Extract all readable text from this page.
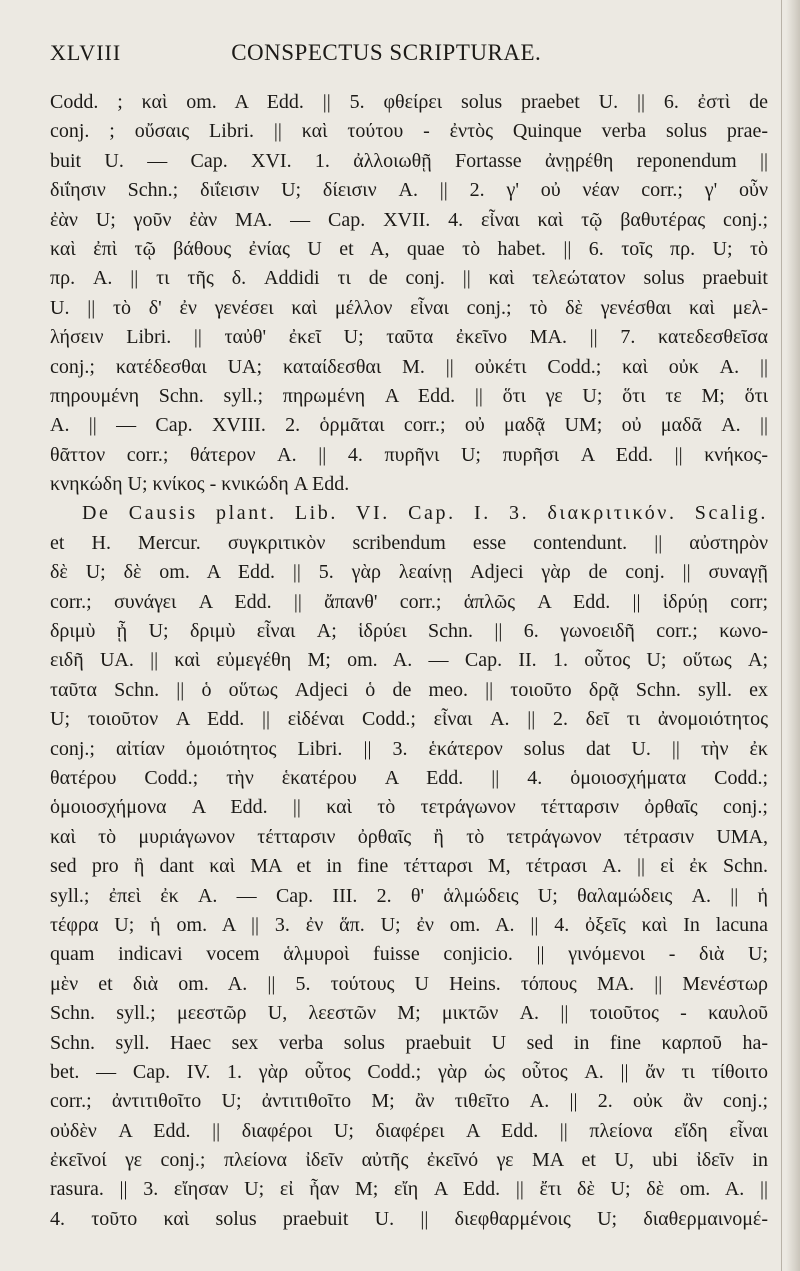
XLVIII	CONSPECTUS SCRIPTURAE.
Codd. ; καὶ om. A Edd. || 5. φθείρει solus praebet U. || 6. ἐστὶ de
conj. ; οὔσαις Libri. || καὶ τούτου - ἐντὸς Quinque verba solus prae-
buit U. — Cap. XVI. 1. ἀλλοιωθῇ Fortasse ἀνῃρέθη reponendum ||
διΐησιν Schn.; διΐεισιν U; δίεισιν A. || 2. γ' οὐ νέαν corr.; γ' οὖν
ἐὰν U; γοῦν ἐὰν MA. — Cap. XVII. 4. εἶναι καὶ τῷ βαθυτέρας conj.;
καὶ ἐπὶ τῷ βάθους ἐνίας U et A, quae τὸ habet. || 6. τοῖς πρ. U; τὸ
πρ. A. || τι τῆς δ. Addidi τι de conj. || καὶ τελεώτατον solus praebuit
U. || τὸ δ' ἐν γενέσει καὶ μέλλον εἶναι conj.; τὸ δὲ γενέσθαι καὶ μελ-
λήσειν Libri. || ταὐθ' ἐκεῖ U; ταῦτα ἐκεῖνο MA. || 7. κατεδεσθεῖσα
conj.; κατέδεσθαι UA; καταίδεσθαι M. || οὐκέτι Codd.; καὶ οὐκ A. ||
πηρουμένη Schn. syll.; πηρωμένη A Edd. || ὅτι γε U; ὅτι τε M; ὅτι
A. || — Cap. XVIII. 2. ὁρμᾶται corr.; οὐ μαδᾷ UM; οὐ μαδᾶ A. ||
θᾶττον corr.; θάτερον A. || 4. πυρῆνι U; πυρῆσι A Edd. || κνήκος-
κνηκώδη U; κνίκος - κνικώδη A Edd.
De Causis plant. Lib. VI. Cap. I. 3. διακριτικόν. Scalig.
et H. Mercur. συγκριτικὸν scribendum esse contendunt. || αὐστηρὸν
δὲ U; δὲ om. A Edd. || 5. γὰρ λεαίνῃ Adjeci γὰρ de conj. || συναγῇ
corr.; συνάγει A Edd. || ἄπανθ' corr.; ἁπλῶς A Edd. || ἱδρύῃ corr;
δριμὺ ᾖ U; δριμὺ εἶναι A; ἱδρύει Schn. || 6. γωνοειδῆ corr.; κωνο-
ειδῆ UA. || καὶ εὐμεγέθη M; om. A. — Cap. II. 1. οὗτος U; οὕτως A;
ταῦτα Schn. || ὁ οὕτως Adjeci ὁ de meo. || τοιοῦτο δρᾷ Schn. syll. ex
U; τοιοῦτον A Edd. || εἰδέναι Codd.; εἶναι A. || 2. δεῖ τι ἀνομοιότητος
conj.; αἰτίαν ὁμοιότητος Libri. || 3. ἑκάτερον solus dat U. || τὴν ἐκ
θατέρου Codd.; τὴν ἑκατέρου A Edd. || 4. ὁμοιοσχήματα Codd.;
ὁμοιοσχήμονα A Edd. || καὶ τὸ τετράγωνον τέτταρσιν ὀρθαῖς conj.;
καὶ τὸ μυριάγωνον τέτταρσιν ὀρθαῖς ἢ τὸ τετράγωνον τέτρασιν UMA,
sed pro ἢ dant καὶ MA et in fine τέτταρσι M, τέτρασι A. || εἰ ἐκ Schn.
syll.; ἐπεὶ ἐκ A. — Cap. III. 2. θ' ἁλμώδεις U; θαλαμώδεις A. || ἡ
τέφρα U; ἡ om. A || 3. ἐν ἅπ. U; ἐν om. A. || 4. ὀξεῖς καὶ In lacuna
quam indicavi vocem ἁλμυροὶ fuisse conjicio. || γινόμενοι - διὰ U;
μὲν et διὰ om. A. || 5. τούτους U Heins. τόπους MA. || Μενέστωρ
Schn. syll.; μεεστῶρ U, λεεστῶν M; μικτῶν A. || τοιοῦτος - καυλοῦ
Schn. syll. Haec sex verba solus praebuit U sed in fine καρποῦ ha-
bet. — Cap. IV. 1. γὰρ οὗτος Codd.; γὰρ ὡς οὗτος A. || ἄν τι τίθοιτο
corr.; ἀντιτιθοῖτο U; ἀντιτιθοῖτο M; ἂν τιθεῖτο A. || 2. οὐκ ἂν conj.;
οὐδὲν A Edd. || διαφέροι U; διαφέρει A Edd. || πλείονα εἴδη εἶναι
ἐκεῖνοί γε conj.; πλείονα ἰδεῖν αὐτῆς ἐκεῖνό γε MA et U, ubi ἰδεῖν in
rasura. || 3. εἴησαν U; εἰ ἦαν M; εἴη A Edd. || ἔτι δὲ U; δὲ om. A. ||
4. τοῦτο καὶ solus praebuit U. || διεφθαρμένοις U; διαθερμαινομέ-
